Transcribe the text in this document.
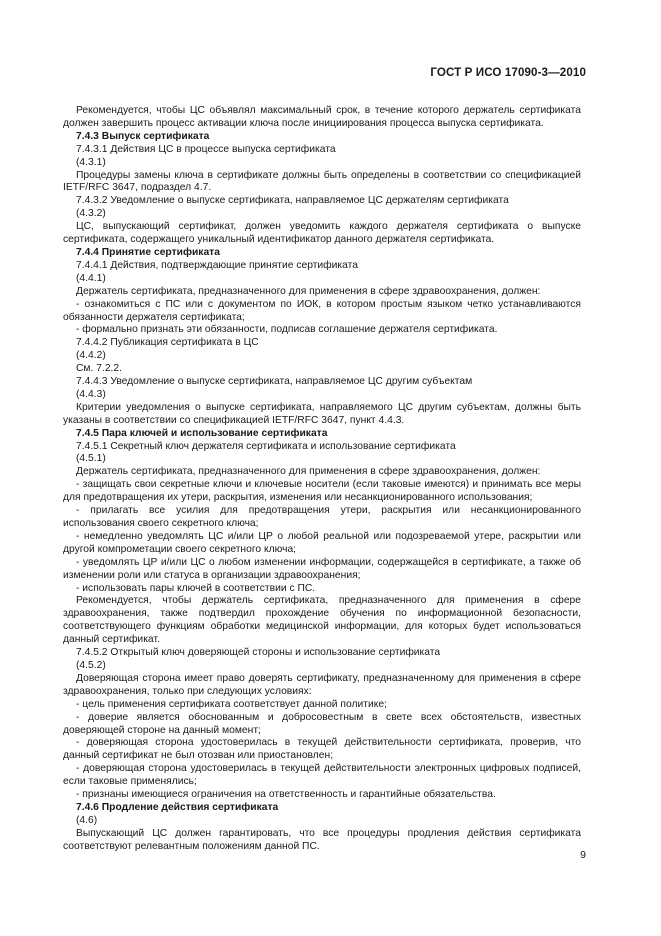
ГОСТ Р ИСО 17090-3—2010

Рекомендуется, чтобы ЦС объявлял максимальный срок, в течение которого держатель сертификата должен завершить процесс активации ключа после инициирования процесса выпуска сертификата.

7.4.3 Выпуск сертификата

7.4.3.1 Действия ЦС в процессе выпуска сертификата

(4.3.1)

Процедуры замены ключа в сертификате должны быть определены в соответствии со спецификацией IETF/RFC 3647, подраздел 4.7.

7.4.3.2 Уведомление о выпуске сертификата, направляемое ЦС держателям сертификата

(4.3.2)

ЦС, выпускающий сертификат, должен уведомить каждого держателя сертификата о выпуске сертификата, содержащего уникальный идентификатор данного держателя сертификата.

7.4.4 Принятие сертификата

7.4.4.1 Действия, подтверждающие принятие сертификата

(4.4.1)

Держатель сертификата, предназначенного для применения в сфере здравоохранения, должен:

- ознакомиться с ПС или с документом по ИОК, в котором простым языком четко устанавливаются обязанности держателя сертификата;

- формально признать эти обязанности, подписав соглашение держателя сертификата.

7.4.4.2 Публикация сертификата в ЦС

(4.4.2)

См. 7.2.2.

7.4.4.3 Уведомление о выпуске сертификата, направляемое ЦС другим субъектам

(4.4.3)

Критерии уведомления о выпуске сертификата, направляемого ЦС другим субъектам, должны быть указаны в соответствии со спецификацией IETF/RFC 3647, пункт 4.4.3.

7.4.5 Пара ключей и использование сертификата

7.4.5.1 Секретный ключ держателя сертификата и использование сертификата

(4.5.1)

Держатель сертификата, предназначенного для применения в сфере здравоохранения, должен:

- защищать свои секретные ключи и ключевые носители (если таковые имеются) и принимать все меры для предотвращения их утери, раскрытия, изменения или несанкционированного использования;

- прилагать все усилия для предотвращения утери, раскрытия или несанкционированного использования своего секретного ключа;

- немедленно уведомлять ЦС и/или ЦР о любой реальной или подозреваемой утере, раскрытии или другой компрометации своего секретного ключа;

- уведомлять ЦР и/или ЦС о любом изменении информации, содержащейся в сертификате, а также об изменении роли или статуса в организации здравоохранения;

- использовать пары ключей в соответствии с ПС.

Рекомендуется, чтобы держатель сертификата, предназначенного для применения в сфере здравоохранения, также подтвердил прохождение обучения по информационной безопасности, соответствующего функциям обработки медицинской информации, для которых будет использоваться данный сертификат.

7.4.5.2 Открытый ключ доверяющей стороны и использование сертификата

(4.5.2)

Доверяющая сторона имеет право доверять сертификату, предназначенному для применения в сфере здравоохранения, только при следующих условиях:

- цель применения сертификата соответствует данной политике;

- доверие является обоснованным и добросовестным в свете всех обстоятельств, известных доверяющей стороне на данный момент;

- доверяющая сторона удостоверилась в текущей действительности сертификата, проверив, что данный сертификат не был отозван или приостановлен;

- доверяющая сторона удостоверилась в текущей действительности электронных цифровых подписей, если таковые применялись;

- признаны имеющиеся ограничения на ответственность и гарантийные обязательства.

7.4.6 Продление действия сертификата

(4.6)

Выпускающий ЦС должен гарантировать, что все процедуры продления действия сертификата соответствуют релевантным положениям данной ПС.

9
